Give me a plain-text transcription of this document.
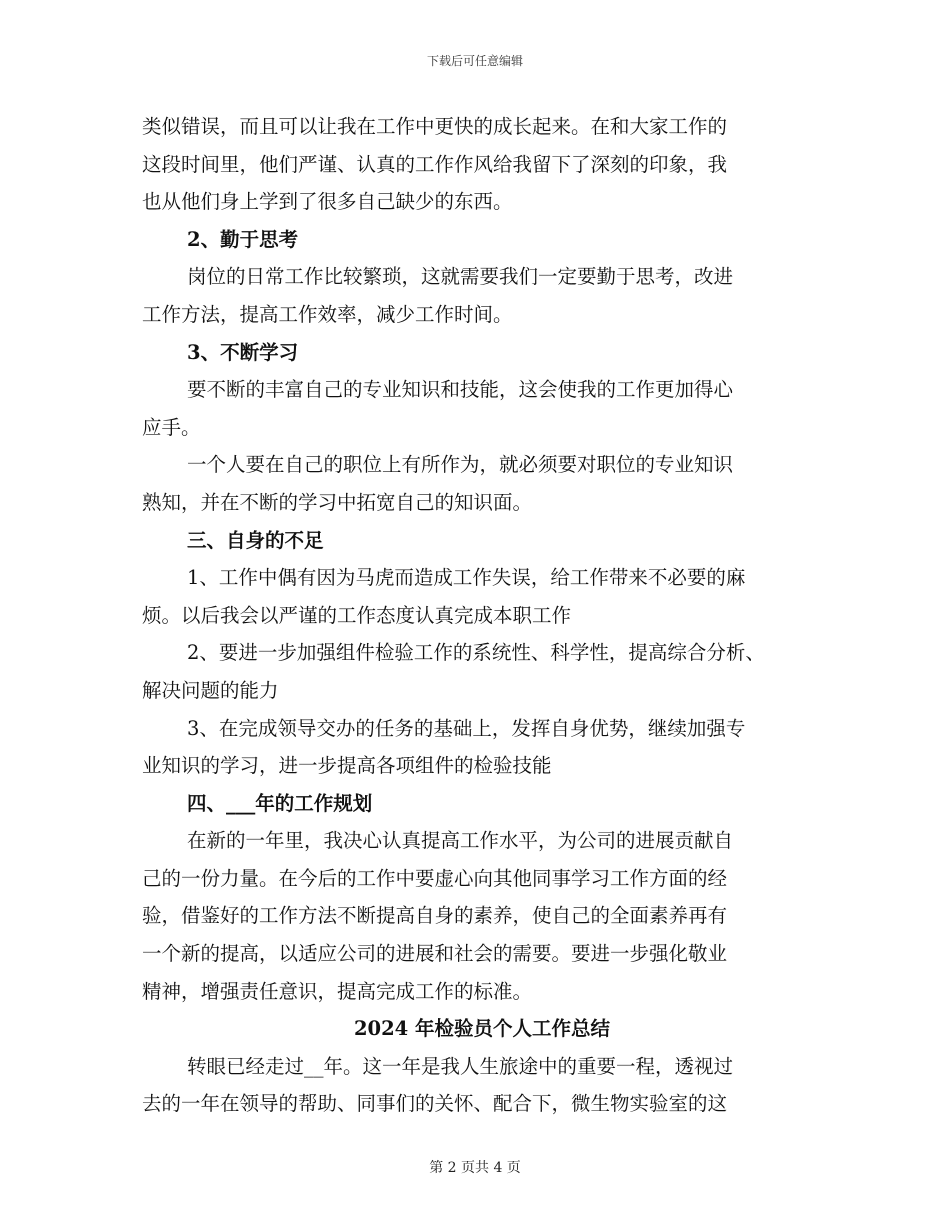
下载后可任意编辑
类似错误，而且可以让我在工作中更快的成长起来。在和大家工作的
这段时间里，他们严谨、认真的工作作风给我留下了深刻的印象，我
也从他们身上学到了很多自己缺少的东西。
2、勤于思考
岗位的日常工作比较繁琐，这就需要我们一定要勤于思考，改进
工作方法，提高工作效率，减少工作时间。
3、不断学习
要不断的丰富自己的专业知识和技能，这会使我的工作更加得心
应手。
一个人要在自己的职位上有所作为，就必须要对职位的专业知识
熟知，并在不断的学习中拓宽自己的知识面。
三、自身的不足
1、工作中偶有因为马虎而造成工作失误，给工作带来不必要的麻
烦。以后我会以严谨的工作态度认真完成本职工作
2、要进一步加强组件检验工作的系统性、科学性，提高综合分析、
解决问题的能力
3、在完成领导交办的任务的基础上，发挥自身优势，继续加强专
业知识的学习，进一步提高各项组件的检验技能
四、___年的工作规划
在新的一年里，我决心认真提高工作水平，为公司的进展贡献自
己的一份力量。在今后的工作中要虚心向其他同事学习工作方面的经
验，借鉴好的工作方法不断提高自身的素养，使自己的全面素养再有
一个新的提高，以适应公司的进展和社会的需要。要进一步强化敬业
精神，增强责任意识，提高完成工作的标准。
2024 年检验员个人工作总结
转眼已经走过__年。这一年是我人生旅途中的重要一程，透视过
去的一年在领导的帮助、同事们的关怀、配合下，微生物实验室的这
第 2 页共 4 页
